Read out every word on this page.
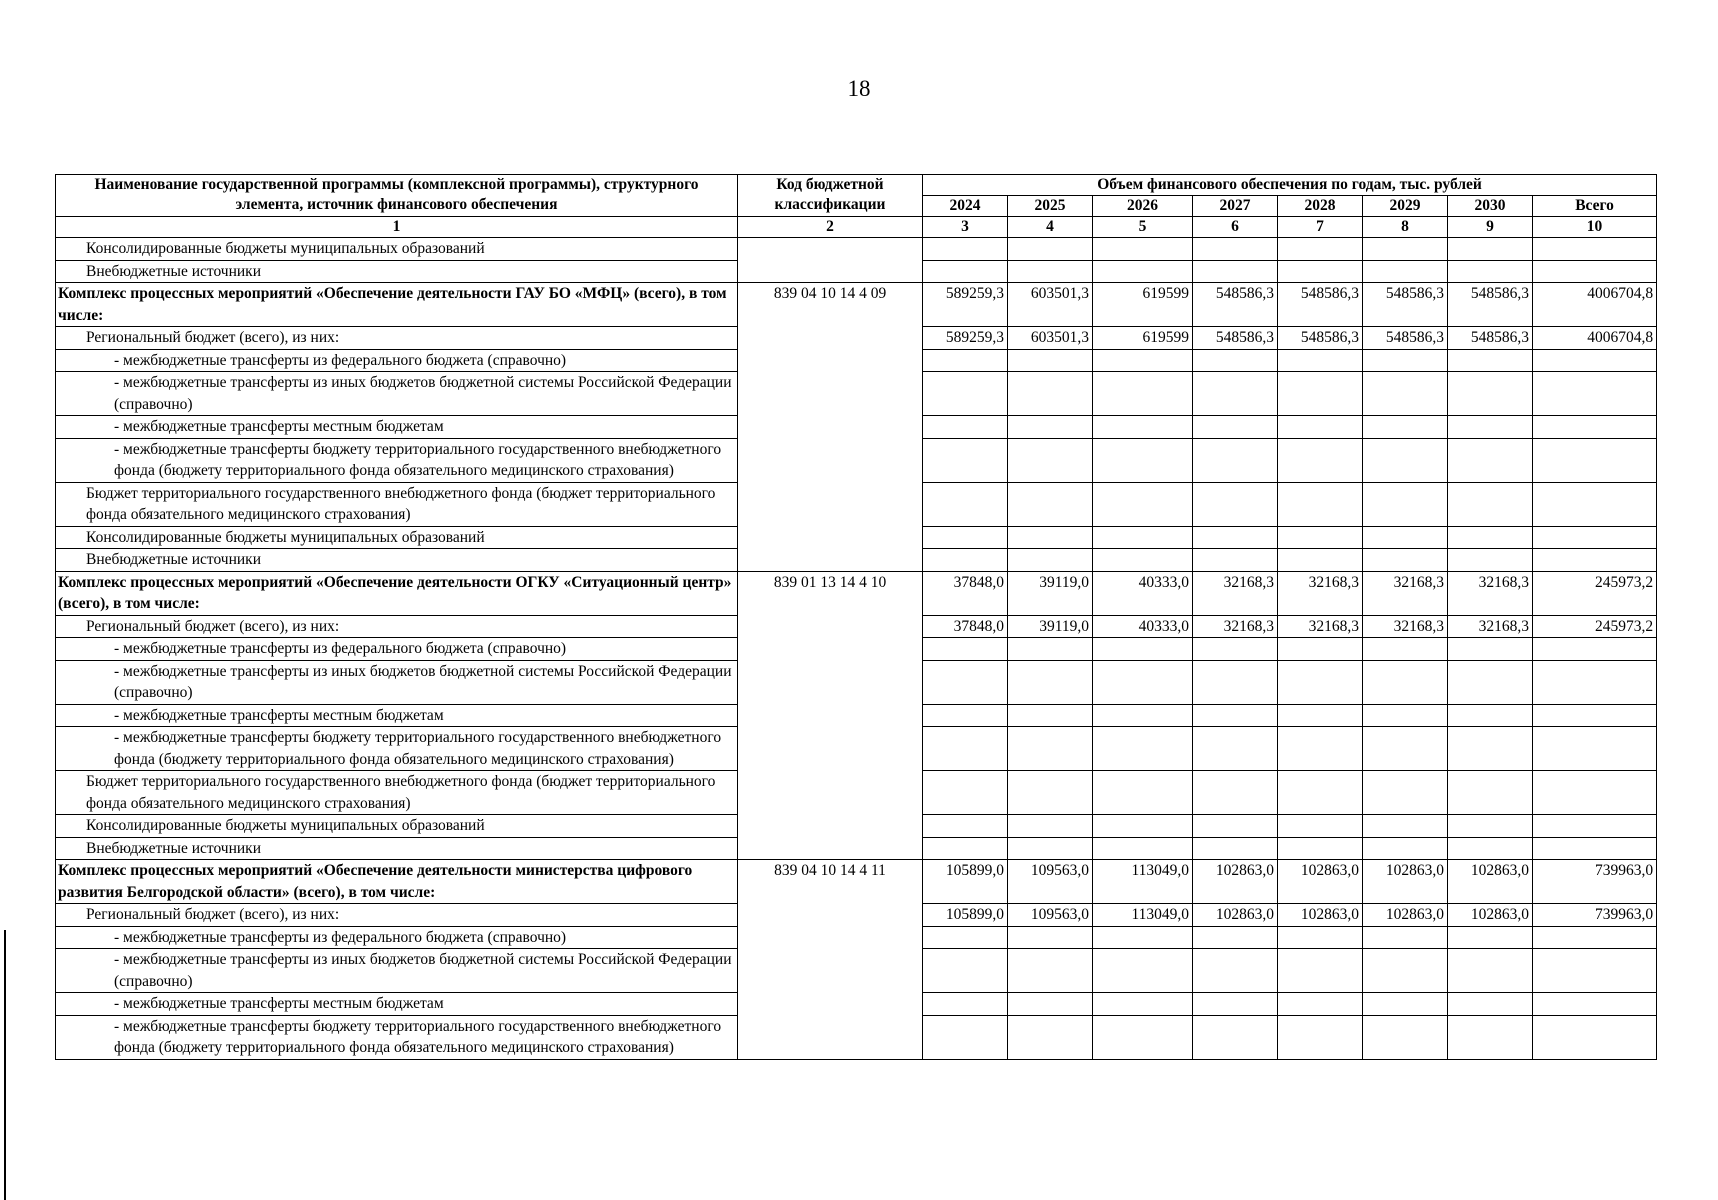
18
Наименование государственной программы (комплексной программы), структурного элемента, источник финансового обеспечения	Код бюджетной классификации	Объем финансового обеспечения по годам, тыс. рублей							
		2024	2025	2026	2027	2028	2029	2030	Всего
1	2	3	4	5	6	7	8	9	10
Консолидированные бюджеты муниципальных образований									
Внебюджетные источники									
Комплекс процессных мероприятий «Обеспечение деятельности ГАУ БО «МФЦ» (всего), в том числе:	839 04 10 14 4 09	589259,3	603501,3	619599	548586,3	548586,3	548586,3	548586,3	4006704,8
Региональный бюджет (всего), из них:		589259,3	603501,3	619599	548586,3	548586,3	548586,3	548586,3	4006704,8
- межбюджетные трансферты из федерального бюджета (справочно)									
- межбюджетные трансферты из иных бюджетов бюджетной системы Российской Федерации (справочно)									
- межбюджетные трансферты местным бюджетам									
- межбюджетные трансферты бюджету территориального государственного внебюджетного фонда (бюджету территориального фонда обязательного медицинского страхования)									
Бюджет территориального государственного внебюджетного фонда (бюджет территориального фонда обязательного медицинского страхования)									
Консолидированные бюджеты муниципальных образований									
Внебюджетные источники									
Комплекс процессных мероприятий «Обеспечение деятельности ОГКУ «Ситуационный центр» (всего), в том числе:	839 01 13 14 4 10	37848,0	39119,0	40333,0	32168,3	32168,3	32168,3	32168,3	245973,2
Региональный бюджет (всего), из них:		37848,0	39119,0	40333,0	32168,3	32168,3	32168,3	32168,3	245973,2
- межбюджетные трансферты из федерального бюджета (справочно)									
- межбюджетные трансферты из иных бюджетов бюджетной системы Российской Федерации (справочно)									
- межбюджетные трансферты местным бюджетам									
- межбюджетные трансферты бюджету территориального государственного внебюджетного фонда (бюджету территориального фонда обязательного медицинского страхования)									
Бюджет территориального государственного внебюджетного фонда (бюджет территориального фонда обязательного медицинского страхования)									
Консолидированные бюджеты муниципальных образований									
Внебюджетные источники									
Комплекс процессных мероприятий «Обеспечение деятельности министерства цифрового развития Белгородской области» (всего), в том числе:	839 04 10 14 4 11	105899,0	109563,0	113049,0	102863,0	102863,0	102863,0	102863,0	739963,0
Региональный бюджет (всего), из них:		105899,0	109563,0	113049,0	102863,0	102863,0	102863,0	102863,0	739963,0
- межбюджетные трансферты из федерального бюджета (справочно)									
- межбюджетные трансферты из иных бюджетов бюджетной системы Российской Федерации (справочно)									
- межбюджетные трансферты местным бюджетам									
- межбюджетные трансферты бюджету территориального государственного внебюджетного фонда (бюджету территориального фонда обязательного медицинского страхования)									
